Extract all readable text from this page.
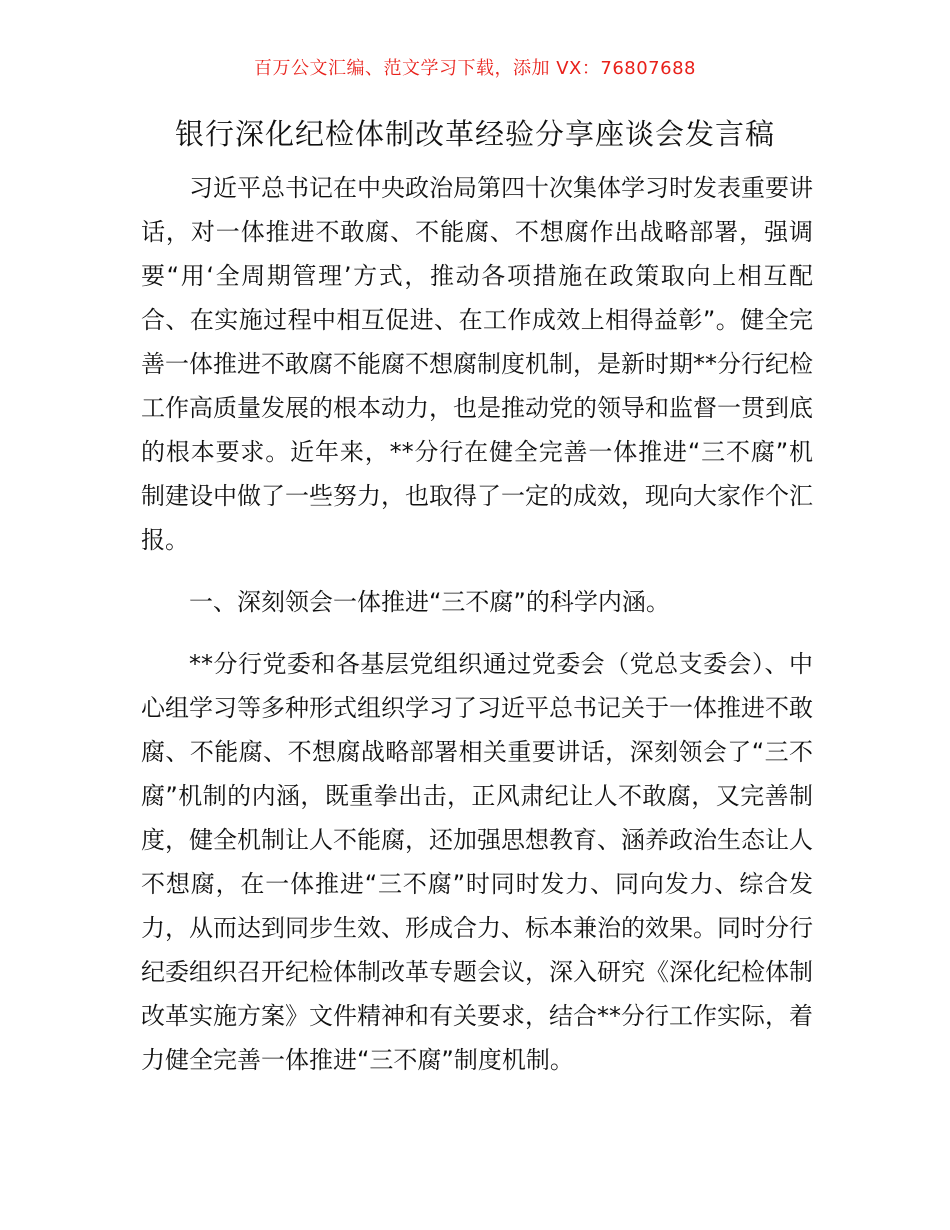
百万公文汇编、范文学习下载，添加 VX：76807688
银行深化纪检体制改革经验分享座谈会发言稿

习近平总书记在中央政治局第四十次集体学习时发表重要讲话，对一体推进不敢腐、不能腐、不想腐作出战略部署，强调要“用‘全周期管理’方式，推动各项措施在政策取向上相互配合、在实施过程中相互促进、在工作成效上相得益彰”。健全完善一体推进不敢腐不能腐不想腐制度机制，是新时期**分行纪检工作高质量发展的根本动力，也是推动党的领导和监督一贯到底的根本要求。近年来，**分行在健全完善一体推进“三不腐”机制建设中做了一些努力，也取得了一定的成效，现向大家作个汇报。

一、深刻领会一体推进“三不腐”的科学内涵。

**分行党委和各基层党组织通过党委会（党总支委会）、中心组学习等多种形式组织学习了习近平总书记关于一体推进不敢腐、不能腐、不想腐战略部署相关重要讲话，深刻领会了“三不腐”机制的内涵，既重拳出击，正风肃纪让人不敢腐，又完善制度，健全机制让人不能腐，还加强思想教育、涵养政治生态让人不想腐，在一体推进“三不腐”时同时发力、同向发力、综合发力，从而达到同步生效、形成合力、标本兼治的效果。同时分行纪委组织召开纪检体制改革专题会议，深入研究《深化纪检体制改革实施方案》文件精神和有关要求，结合**分行工作实际，着力健全完善一体推进“三不腐”制度机制。
